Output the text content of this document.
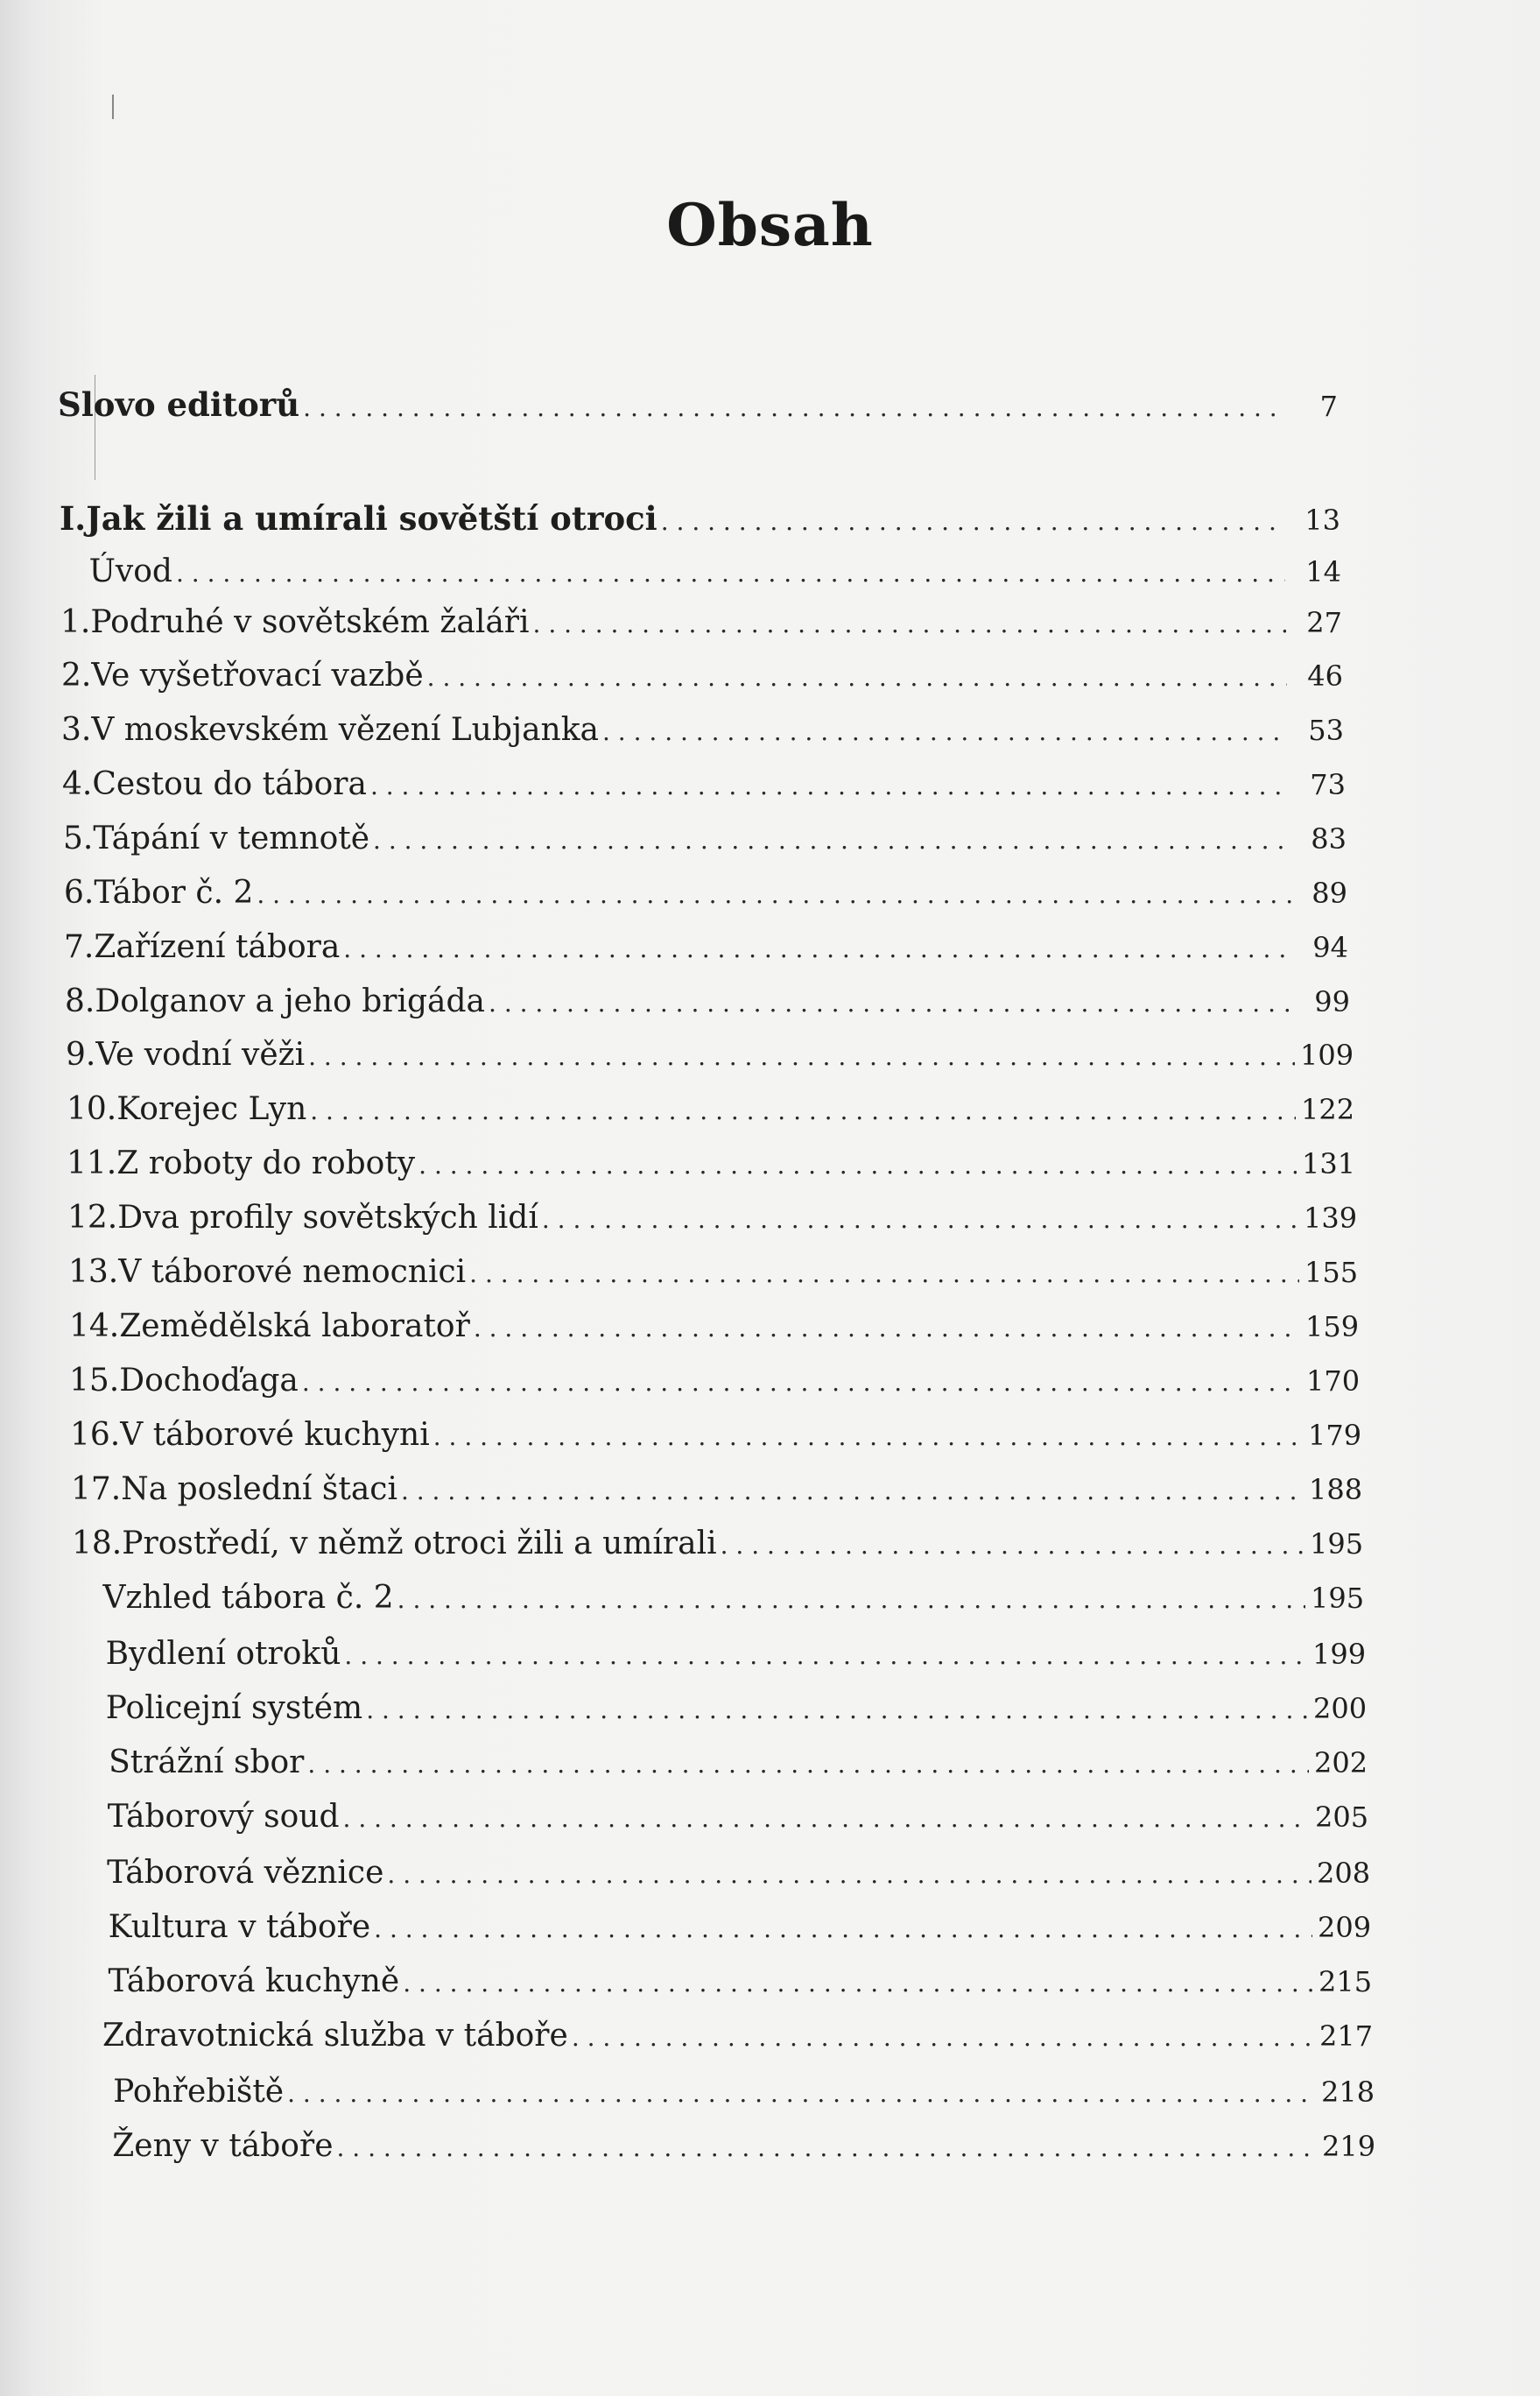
Obsah
Slovo editorů . . .	7
I. Jak žili a umírali sovětští otroci . . .	13
Úvod . . .	14
1. Podruhé v sovětském žaláři . . .	27
2. Ve vyšetřovací vazbě . . .	46
3. V moskevském vězení Lubjanka . . .	53
4. Cestou do tábora . . .	73
5. Tápání v temnotě . . .	83
6. Tábor č. 2 . . .	89
7. Zařízení tábora . . .	94
8. Dolganov a jeho brigáda . . .	99
9. Ve vodní věži . . .	109
10. Korejec Lyn . . .	122
11. Z roboty do roboty . . .	131
12. Dva profily sovětských lidí . . .	139
13. V táborové nemocnici . . .	155
14. Zemědělská laboratoř . . .	159
15. Dochoďaga . . .	170
16. V táborové kuchyni . . .	179
17. Na poslední štaci . . .	188
18. Prostředí, v němž otroci žili a umírali . . .	195
Vzhled tábora č. 2 . . .	195
Bydlení otroků . . .	199
Policejní systém . . .	200
Strážní sbor . . .	202
Táborový soud . . .	205
Táborová věznice . . .	208
Kultura v táboře . . .	209
Táborová kuchyně . . .	215
Zdravotnická služba v táboře . . .	217
Pohřebiště . . .	218
Ženy v táboře . . .	219
